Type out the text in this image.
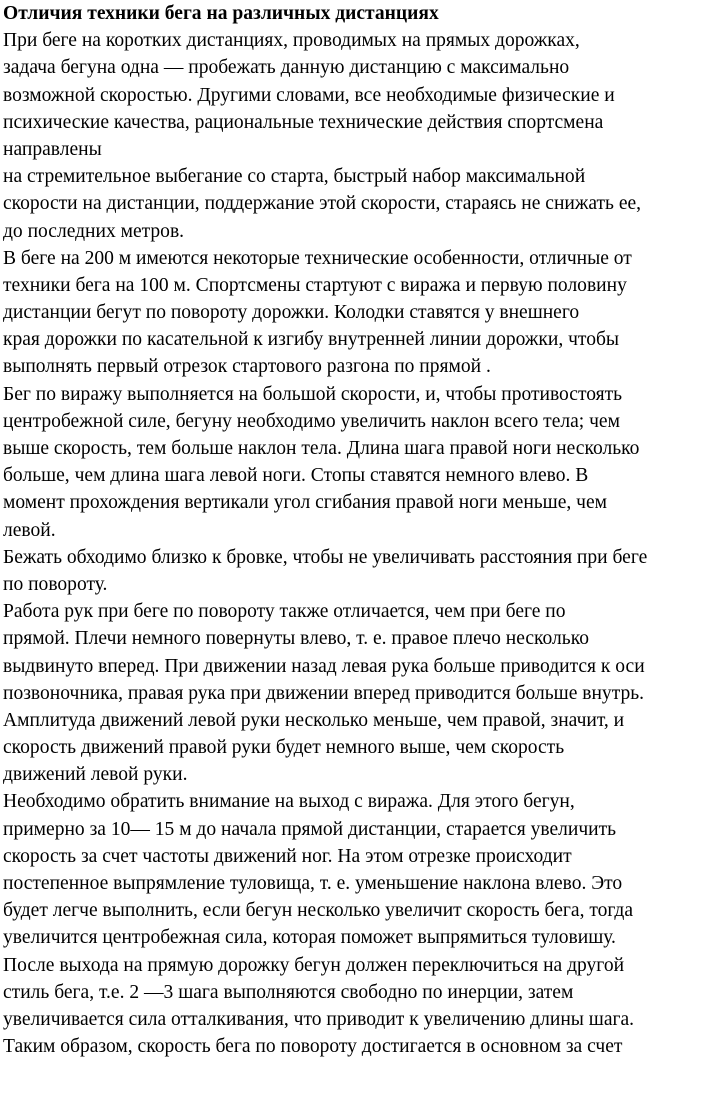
Отличия техники бега на различных дистанциях
При беге на коротких дистанциях, проводимых на прямых дорожках,
задача бегуна одна — пробежать данную дистанцию с максимально
возможной скоростью. Другими словами, все необходимые физические и
психические качества, рациональные технические действия спортсмена
направлены
на стремительное выбегание со старта, быстрый набор максимальной
скорости на дистанции, поддержание этой скорости, стараясь не снижать ее,
до последних метров.
В беге на 200 м имеются некоторые технические особенности, отличные от
техники бега на 100 м. Спортсмены стартуют с виража и первую половину
дистанции бегут по повороту дорожки. Колодки ставятся у внешнего
края дорожки по касательной к изгибу внутренней линии дорожки, чтобы
выполнять первый отрезок стартового разгона по прямой .
Бег по виражу выполняется на большой скорости, и, чтобы противостоять
центробежной силе, бегуну необходимо увеличить наклон всего тела; чем
выше скорость, тем больше наклон тела. Длина шага правой ноги несколько
больше, чем длина шага левой ноги. Стопы ставятся немного влево. В
момент прохождения вертикали угол сгибания правой ноги меньше, чем
левой.
Бежать обходимо близко к бровке, чтобы не увеличивать расстояния при беге
по повороту.
Работа рук при беге по повороту также отличается, чем при беге по
прямой. Плечи немного повернуты влево, т. е. правое плечо несколько
выдвинуто вперед. При движении назад левая рука больше приводится к оси
позвоночника, правая рука при движении вперед приводится больше внутрь.
Амплитуда движений левой руки несколько меньше, чем правой, значит, и
скорость движений правой руки будет немного выше, чем скорость
движений левой руки.
Необходимо обратить внимание на выход с виража. Для этого бегун,
примерно за 10— 15 м до начала прямой дистанции, старается увеличить
скорость за счет частоты движений ног. На этом отрезке происходит
постепенное выпрямление туловища, т. е. уменьшение наклона влево. Это
будет легче выполнить, если бегун несколько увеличит скорость бега, тогда
увеличится центробежная сила, которая поможет выпрямиться туловишу.
После выхода на прямую дорожку бегун должен переключиться на другой
стиль бега, т.е. 2 —3 шага выполняются свободно по инерции, затем
увеличивается сила отталкивания, что приводит к увеличению длины шага.
Таким образом, скорость бега по повороту достигается в основном за счет
